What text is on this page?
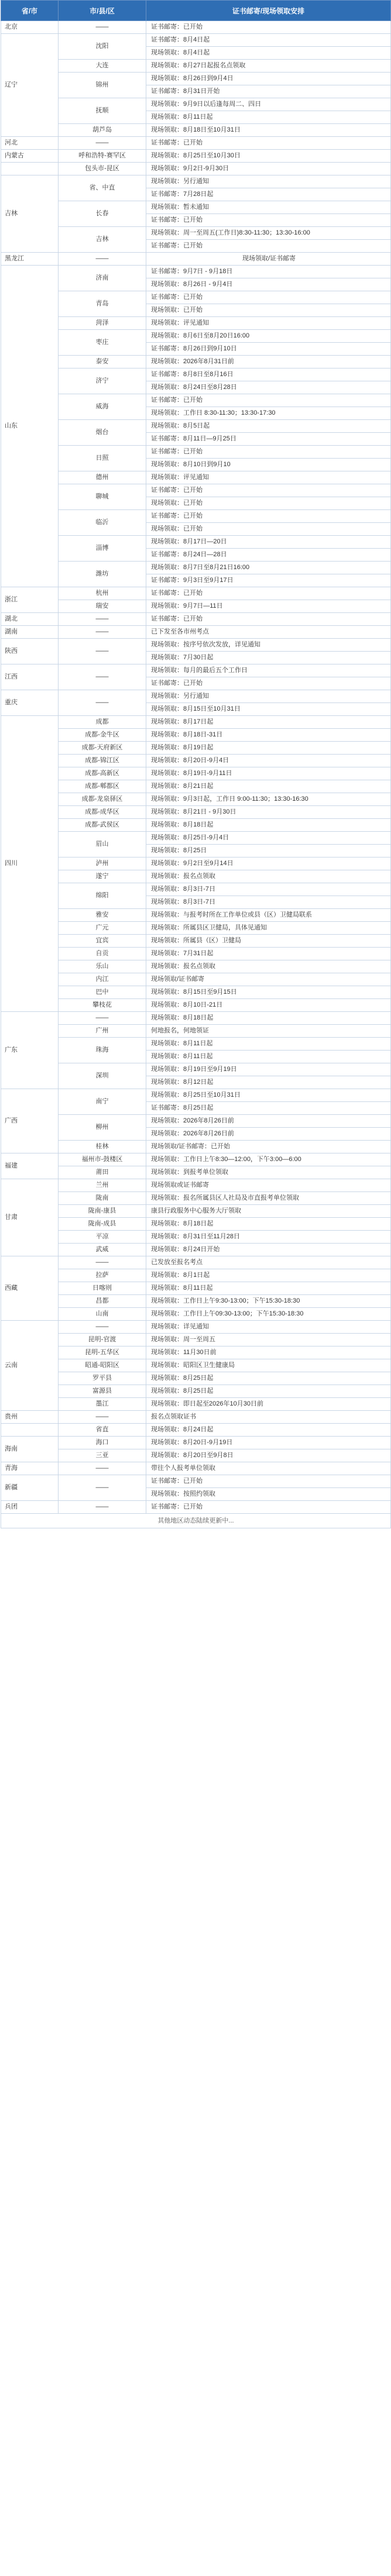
省/市	市/县/区	证书邮寄/现场领取安排
北京	——	证书邮寄：已开始
辽宁	沈阳	证书邮寄：8月4日起
		现场领取：8月4日起
	大连	现场领取：8月27日起报名点领取
	锦州	现场领取：8月26日到9月4日
		证书邮寄：8月31日开始
	抚顺	现场领取：9月9日以后逢每周二、四日
		现场领取：8月11日起
	葫芦岛	现场领取：8月18日至10月31日
河北	——	证书邮寄：已开始
内蒙古	呼和浩特-赛罕区	现场领取：8月25日至10月30日
	包头市-昆区	现场领取：9月2日-9月30日
吉林	省、中直	现场领取：另行通知
		证书邮寄：7月28日起
	长春	现场领取：暂未通知
		证书邮寄：已开始
	吉林	现场领取：周一至周五(工作日)8:30-11:30；13:30-16:00
		证书邮寄：已开始
黑龙江	——	现场领取/证书邮寄
山东	济南	证书邮寄：9月7日 - 9月18日
		现场领取：8月26日 - 9月4日
	青岛	证书邮寄：已开始
		现场领取：已开始
	菏泽	现场领取：评见通知
	枣庄	现场领取：8月6日至8月20日16:00
		证书邮寄：8月26日到9月10日
	泰安	现场领取：2026年8月31日前
	济宁	证书邮寄：8月8日至8月16日
		现场领取：8月24日至8月28日
	威海	证书邮寄：已开始
		现场领取：工作日 8:30-11:30；13:30-17:30
	烟台	现场领取：8月5日起
		证书邮寄：8月11日—9月25日
	日照	证书邮寄：已开始
		现场领取：8月10日到9月10
	德州	现场领取：评见通知
	聊城	证书邮寄：已开始
		现场领取：已开始
	临沂	证书邮寄：已开始
		现场领取：已开始
	淄博	现场领取：8月17日—20日
		证书邮寄：8月24日—28日
	潍坊	现场领取：8月7日至8月21日16:00
		证书邮寄：9月3日至9月17日
浙江	杭州	证书邮寄：已开始
	瑞安	现场领取：9月7日—11日
湖北	——	证书邮寄：已开始
湖南	——	已下发至各市州考点
陕西	——	现场领取：按序号依次发放，详见通知
		现场领取：7月30日起
江西	——	现场领取：每月的最后五个工作日
		证书邮寄：已开始
重庆	——	现场领取：另行通知
		现场领取：8月15日至10月31日
四川	成都	现场领取：8月17日起
	成都-金牛区	现场领取：8月18日-31日
	成都-天府新区	现场领取：8月19日起
	成都-锦江区	现场领取：8月20日-9月4日
	成都-高新区	现场领取：8月19日-9月11日
	成都-郫都区	现场领取：8月21日起
	成都-龙泉驿区	现场领取：9月3日起，工作日 9:00-11:30；13:30-16:30
	成都-成华区	现场领取：8月21日 - 9月30日
	成都-武侯区	现场领取：8月18日起
	眉山	现场领取：8月25日-9月4日
		现场领取：8月25日
	泸州	现场领取：9月2日至9月14日
	遂宁	现场领取：报名点领取
	绵阳	现场领取：8月3日-7日
		现场领取：8月3日-7日
	雅安	现场领取：与报考时所在工作单位或县（区）卫健局联系
	广元	现场领取：所属县区卫健局，具体见通知
	宜宾	现场领取：所属县（区）卫健局
	自贡	现场领取：7月31日起
	乐山	现场领取：报名点领取
	内江	现场领取/证书邮寄
	巴中	现场领取：8月15日至9月15日
	攀枝花	现场领取：8月10日-21日
广东	——	现场领取：8月18日起
	广州	何地报名，何地领证
	珠海	现场领取：8月11日起
		现场领取：8月11日起
	深圳	现场领取：8月19日至9月19日
		现场领取：8月12日起
广西	南宁	现场领取：8月25日至10月31日
		证书邮寄：8月25日起
	柳州	现场领取：2026年8月26日前
		现场领取：2026年8月26日前
	桂林	现场领取/证书邮寄：已开始
福建	福州市-鼓楼区	现场领取：工作日上午8:30—12:00，下午3:00—6:00
	莆田	现场领取：到报考单位领取
甘肃	兰州	现场领取或证书邮寄
	陇南	现场领取：报名所属县区人社局及市直报考单位领取
	陇南-康县	康县行政服务中心服务大厅领取
	陇南-成县	现场领取：8月18日起
	平凉	现场领取：8月31日至11月28日
	武威	现场领取：8月24日开始
西藏	——	已发放至报名考点
	拉萨	现场领取：8月1日起
	日喀则	现场领取：8月11日起
	昌都	现场领取：工作日上午9:30-13:00；下午15:30-18:30
	山南	现场领取：工作日上午09:30-13:00；下午15:30-18:30
云南	——	现场领取：详见通知
	昆明-官渡	现场领取：周一至周五
	昆明-五华区	现场领取：11月30日前
	昭通-昭阳区	现场领取：昭阳区卫生健康局
	罗平县	现场领取：8月25日起
	富源县	现场领取：8月25日起
	墨江	现场领取：即日起至2026年10月30日前
贵州	——	报名点领取证书
	省直	现场领取：8月24日起
海南	海口	现场领取：8月20日-9月19日
	三亚	现场领取：8月20日至9月8日
青海	——	带往个人报考单位领取
新疆	——	证书邮寄：已开始
		现场领取：按照约领取
兵团	——	证书邮寄：已开始
其他地区动态陆续更新中...		
